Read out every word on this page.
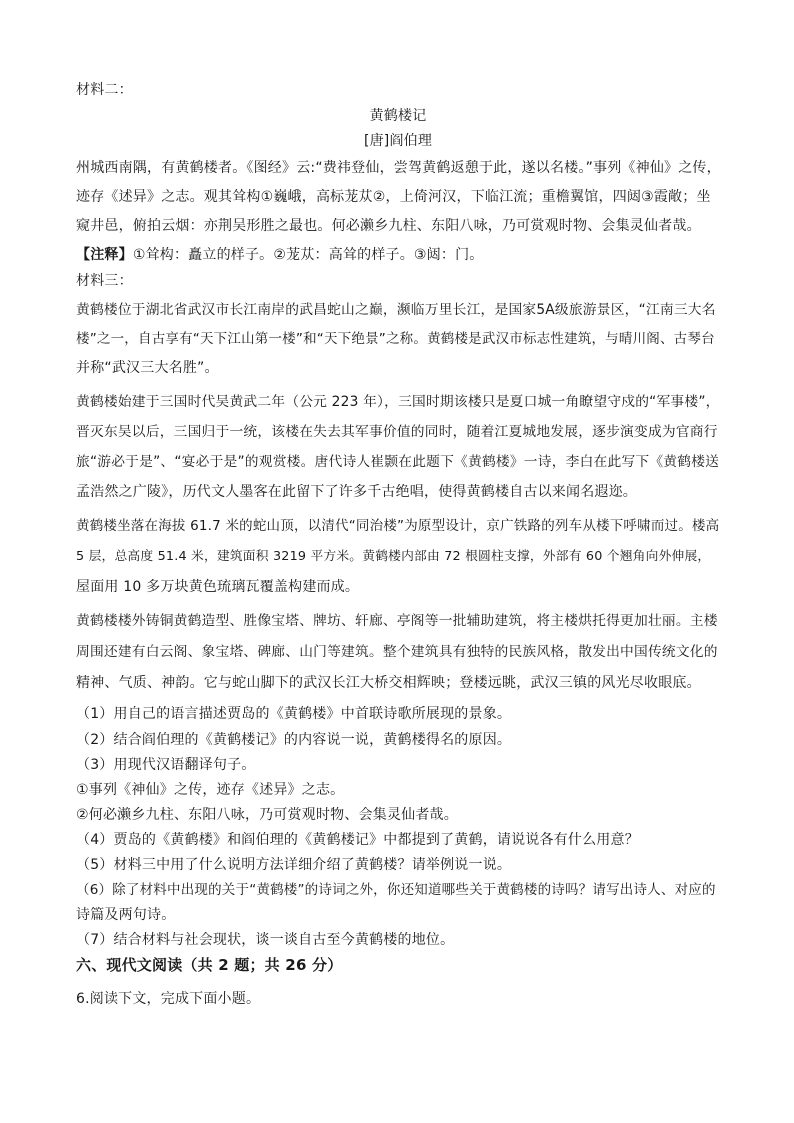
材料二：
黄鹤楼记
[唐]阎伯理
州城西南隅，有黄鹤楼者。《图经》云:“费祎登仙，尝驾黄鹤返憩于此，遂以名楼。”事列《神仙》之传，
迹存《述异》之志。观其耸构①巍峨，高标茏苁②，上倚河汉，下临江流；重檐翼馆，四闼③霞敞；坐
窥井邑，俯拍云烟：亦荆吴形胜之最也。何必濑乡九柱、东阳八咏，乃可赏观时物、会集灵仙者哉。
【注释】①耸构：矗立的样子。②茏苁：高耸的样子。③闼：门。
材料三：
黄鹤楼位于湖北省武汉市长江南岸的武昌蛇山之巅，濒临万里长江，是国家5A级旅游景区，“江南三大名
楼”之一，自古享有“天下江山第一楼”和“天下绝景”之称。黄鹤楼是武汉市标志性建筑，与晴川阁、古琴台
并称“武汉三大名胜”。
黄鹤楼始建于三国时代吴黄武二年（公元 223 年），三国时期该楼只是夏口城一角瞭望守戍的“军事楼”，
晋灭东吴以后，三国归于一统，该楼在失去其军事价值的同时，随着江夏城地发展，逐步演变成为官商行
旅“游必于是”、“宴必于是”的观赏楼。唐代诗人崔颢在此题下《黄鹤楼》一诗，李白在此写下《黄鹤楼送
孟浩然之广陵》，历代文人墨客在此留下了许多千古绝唱，使得黄鹤楼自古以来闻名遐迩。
黄鹤楼坐落在海拔 61.7 米的蛇山顶，以清代“同治楼”为原型设计，京广铁路的列车从楼下呼啸而过。楼高
5 层，总高度 51.4 米，建筑面积 3219 平方米。黄鹤楼内部由 72 根圆柱支撑，外部有 60 个翘角向外伸展，
屋面用 10 多万块黄色琉璃瓦覆盖构建而成。
黄鹤楼楼外铸铜黄鹤造型、胜像宝塔、牌坊、轩廊、亭阁等一批辅助建筑，将主楼烘托得更加壮丽。主楼
周围还建有白云阁、象宝塔、碑廊、山门等建筑。整个建筑具有独特的民族风格，散发出中国传统文化的
精神、气质、神韵。它与蛇山脚下的武汉长江大桥交相辉映；登楼远眺，武汉三镇的风光尽收眼底。
（1）用自己的语言描述贾岛的《黄鹤楼》中首联诗歌所展现的景象。
（2）结合阎伯理的《黄鹤楼记》的内容说一说，黄鹤楼得名的原因。
（3）用现代汉语翻译句子。
①事列《神仙》之传，迹存《述异》之志。
②何必濑乡九柱、东阳八咏，乃可赏观时物、会集灵仙者哉。
（4）贾岛的《黄鹤楼》和阎伯理的《黄鹤楼记》中都提到了黄鹤，请说说各有什么用意？
（5）材料三中用了什么说明方法详细介绍了黄鹤楼？请举例说一说。
（6）除了材料中出现的关于“黄鹤楼”的诗词之外，你还知道哪些关于黄鹤楼的诗吗？请写出诗人、对应的
诗篇及两句诗。
（7）结合材料与社会现状，谈一谈自古至今黄鹤楼的地位。
六、现代文阅读（共 2 题；共 26 分）
6.阅读下文，完成下面小题。
